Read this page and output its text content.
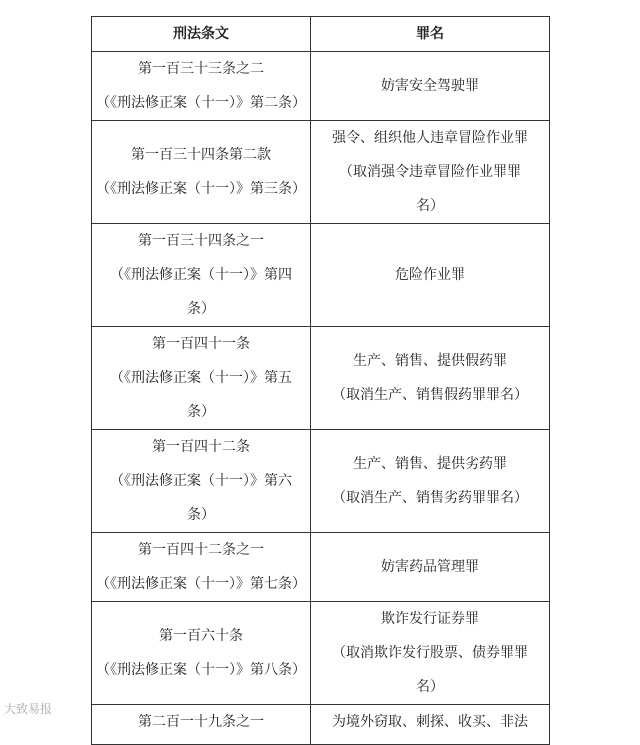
刑法条文	罪名

第一百三十三条之二
（《刑法修正案（十一）》第二条）	妨害安全驾驶罪

第一百三十四条第二款
（《刑法修正案（十一）》第三条）	强令、组织他人违章冒险作业罪
（取消强令违章冒险作业罪罪
名）

第一百三十四条之一
（《刑法修正案（十一）》第四
条）	危险作业罪

第一百四十一条
（《刑法修正案（十一）》第五
条）	生产、销售、提供假药罪
（取消生产、销售假药罪罪名）

第一百四十二条
（《刑法修正案（十一）》第六
条）	生产、销售、提供劣药罪
（取消生产、销售劣药罪罪名）

第一百四十二条之一
（《刑法修正案（十一）》第七条）	妨害药品管理罪

第一百六十条
（《刑法修正案（十一）》第八条）	欺诈发行证券罪
（取消欺诈发行股票、债券罪罪
名）

第二百一十九条之一	为境外窃取、刺探、收买、非法
大致易报
